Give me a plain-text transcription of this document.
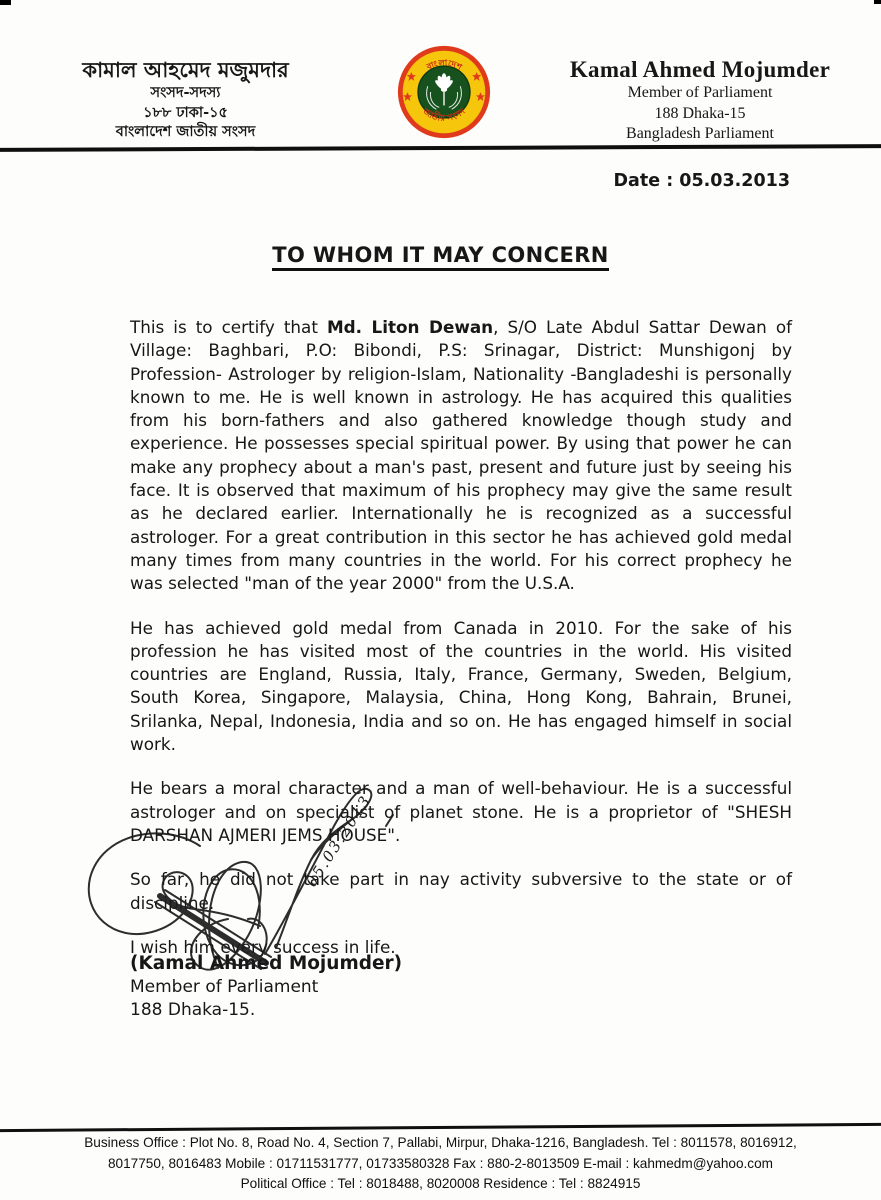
কামাল আহমেদ মজুমদার
সংসদ-সদস্য
১৮৮ ঢাকা-১৫
বাংলাদেশ জাতীয় সংসদ
বাংলাদেশ
জাতীয় সংসদ
Kamal Ahmed Mojumder
Member of Parliament
188 Dhaka-15
Bangladesh Parliament
Date : 05.03.2013
TO WHOM IT MAY CONCERN

This is to certify that Md. Liton Dewan, S/O Late Abdul Sattar Dewan of Village: Baghbari, P.O: Bibondi, P.S: Srinagar, District: Munshigonj by Profession- Astrologer by religion-Islam, Nationality -Bangladeshi is personally known to me. He is well known in astrology. He has acquired this qualities from his born-fathers and also gathered knowledge though study and experience. He possesses special spiritual power. By using that power he can make any prophecy about a man's past, present and future just by seeing his face. It is observed that maximum of his prophecy may give the same result as he declared earlier. Internationally he is recognized as a successful astrologer. For a great contribution in this sector he has achieved gold medal many times from many countries in the world. For his correct prophecy he was selected "man of the year 2000" from the U.S.A.

He has achieved gold medal from Canada in 2010. For the sake of his profession he has visited most of the countries in the world. His visited countries are England, Russia, Italy, France, Germany, Sweden, Belgium, South Korea, Singapore, Malaysia, China, Hong Kong, Bahrain, Brunei, Srilanka, Nepal, Indonesia, India and so on. He has engaged himself in social work.

He bears a moral character and a man of well-behaviour. He is a successful astrologer and on specialist of planet stone. He is a proprietor of "SHESH DARSHAN AJMERI JEMS HOUSE".

So far, he did not take part in nay activity subversive to the state or of discipline.

I wish him every success in life.

05.03.2013
(Kamal Ahmed Mojumder)
Member of Parliament
188 Dhaka-15.
Business Office : Plot No. 8, Road No. 4, Section 7, Pallabi, Mirpur, Dhaka-1216, Bangladesh. Tel : 8011578, 8016912,
8017750, 8016483 Mobile : 01711531777, 01733580328 Fax : 880-2-8013509 E-mail : kahmedm@yahoo.com
Political Office : Tel : 8018488, 8020008 Residence : Tel : 8824915
